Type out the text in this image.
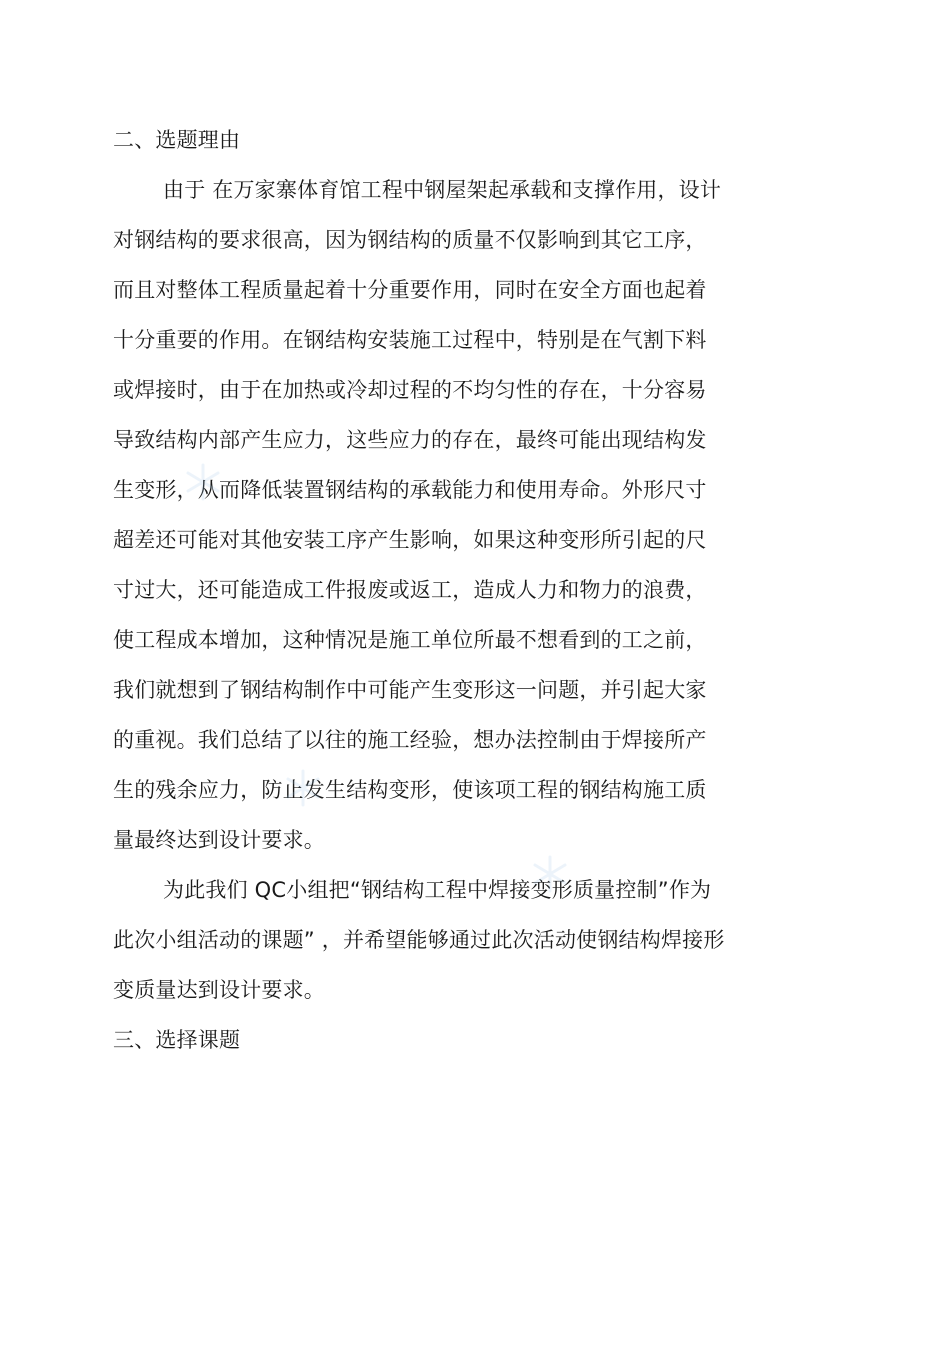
二、选题理由
由于 在万家寨体育馆工程中钢屋架起承载和支撑作用，设计
对钢结构的要求很高，因为钢结构的质量不仅影响到其它工序，
而且对整体工程质量起着十分重要作用，同时在安全方面也起着
十分重要的作用。在钢结构安装施工过程中，特别是在气割下料
或焊接时，由于在加热或冷却过程的不均匀性的存在，十分容易
导致结构内部产生应力，这些应力的存在，最终可能出现结构发
生变形，从而降低装置钢结构的承载能力和使用寿命。外形尺寸
超差还可能对其他安装工序产生影响，如果这种变形所引起的尺
寸过大，还可能造成工件报废或返工，造成人力和物力的浪费，
使工程成本增加，这种情况是施工单位所最不想看到的工之前，
我们就想到了钢结构制作中可能产生变形这一问题，并引起大家
的重视。我们总结了以往的施工经验，想办法控制由于焊接所产
生的残余应力，防止发生结构变形，使该项工程的钢结构施工质
量最终达到设计要求。
为此我们 QC小组把“钢结构工程中焊接变形质量控制”作为
此次小组活动的课题” ，并希望能够通过此次活动使钢结构焊接形
变质量达到设计要求。
三、选择课题
